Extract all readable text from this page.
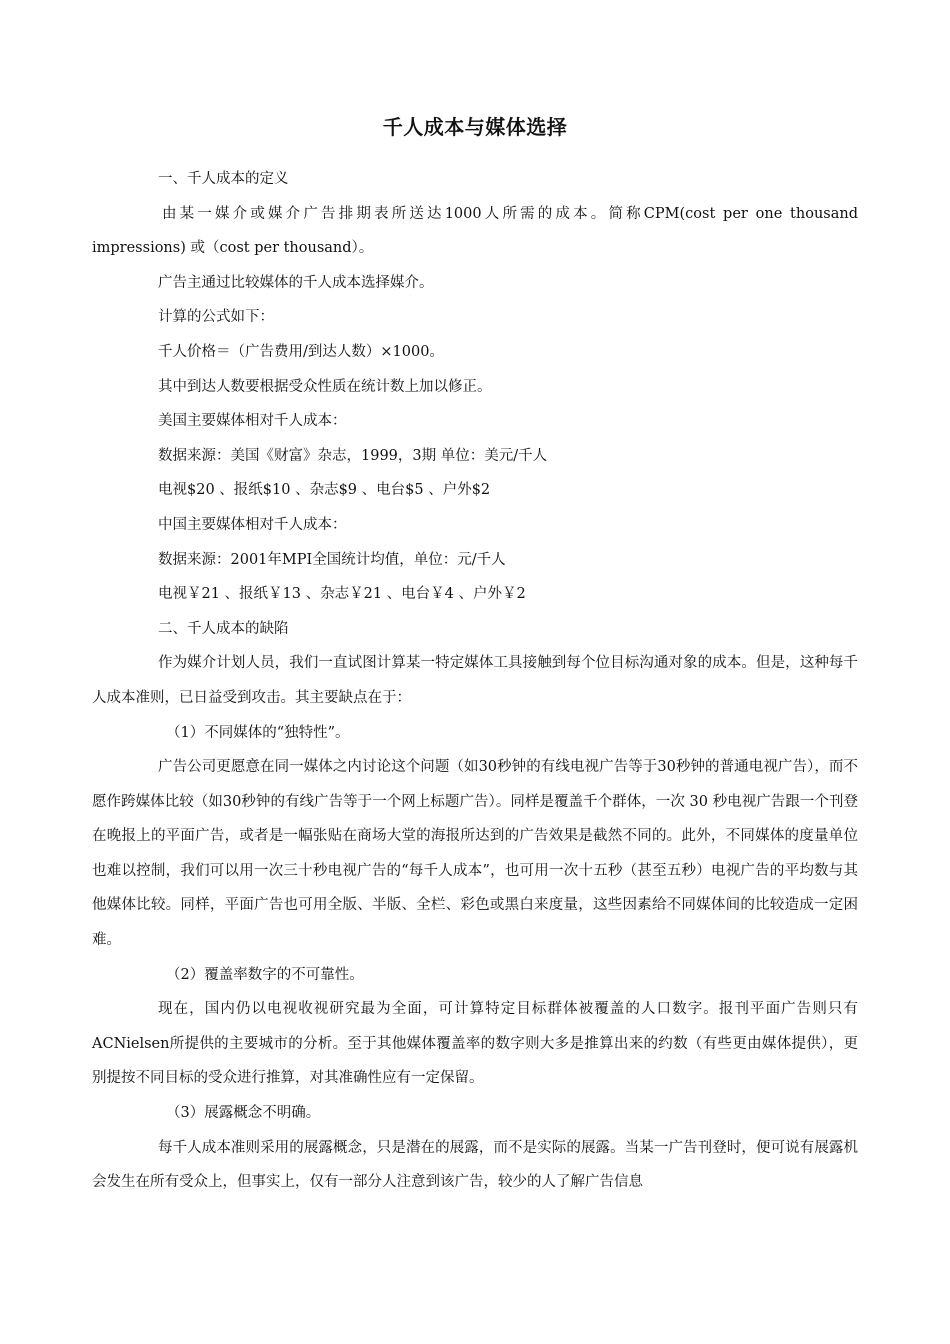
千人成本与媒体选择

一、千人成本的定义

由某一媒介或媒介广告排期表所送达1000人所需的成本。简称CPM(cost per one thousand impressions) 或（cost per thousand）。

广告主通过比较媒体的千人成本选择媒介。

计算的公式如下：

千人价格＝（广告费用/到达人数）×1000。

其中到达人数要根据受众性质在统计数上加以修正。

美国主要媒体相对千人成本：

数据来源：美国《财富》杂志，1999，3期 单位：美元/千人

电视$20 、报纸$10 、杂志$9 、电台$5 、户外$2

中国主要媒体相对千人成本：

数据来源：2001年MPI全国统计均值，单位：元/千人

电视￥21 、报纸￥13 、杂志￥21 、电台￥4 、户外￥2

二、千人成本的缺陷

作为媒介计划人员，我们一直试图计算某一特定媒体工具接触到每个位目标沟通对象的成本。但是，这种每千人成本准则，已日益受到攻击。其主要缺点在于：

（1）不同媒体的“独特性”。

广告公司更愿意在同一媒体之内讨论这个问题（如30秒钟的有线电视广告等于30秒钟的普通电视广告），而不愿作跨媒体比较（如30秒钟的有线广告等于一个网上标题广告）。同样是覆盖千个群体，一次 30 秒电视广告跟一个刊登在晚报上的平面广告，或者是一幅张贴在商场大堂的海报所达到的广告效果是截然不同的。此外，不同媒体的度量单位也难以控制，我们可以用一次三十秒电视广告的“每千人成本”，也可用一次十五秒（甚至五秒）电视广告的平均数与其他媒体比较。同样，平面广告也可用全版、半版、全栏、彩色或黑白来度量，这些因素给不同媒体间的比较造成一定困难。

（2）覆盖率数字的不可靠性。

现在，国内仍以电视收视研究最为全面，可计算特定目标群体被覆盖的人口数字。报刊平面广告则只有 ACNielsen所提供的主要城市的分析。至于其他媒体覆盖率的数字则大多是推算出来的约数（有些更由媒体提供），更别提按不同目标的受众进行推算，对其准确性应有一定保留。

（3）展露概念不明确。

每千人成本准则采用的展露概念，只是潜在的展露，而不是实际的展露。当某一广告刊登时，便可说有展露机会发生在所有受众上，但事实上，仅有一部分人注意到该广告，较少的人了解广告信息
